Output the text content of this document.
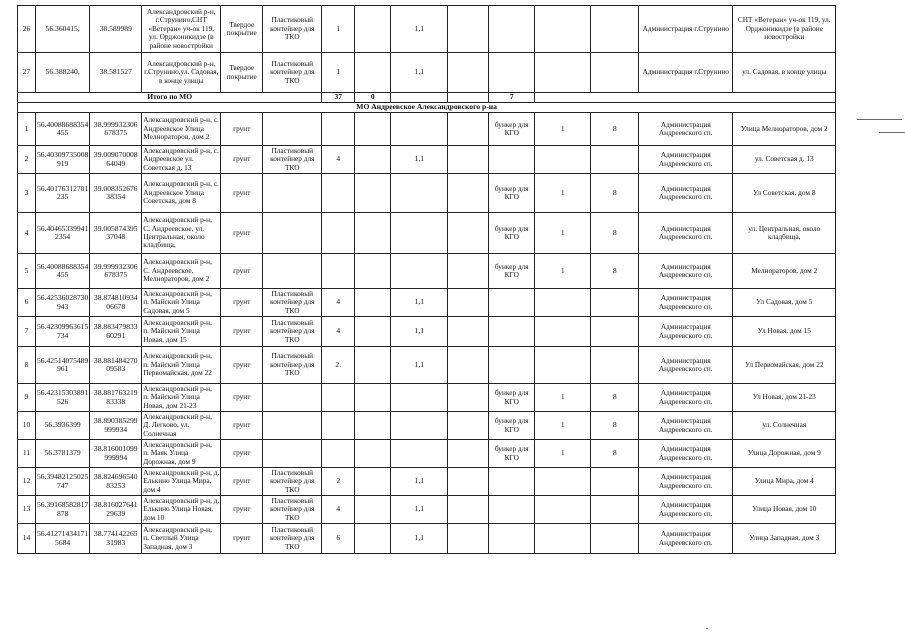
26	56.360415,	38.589989	Александровский р-н, г.Струнино,СНТ «Ветеран» уч-ок 119, ул. Орджоникидзе (в районе новостройки	Твердое покрытие	Пластиковый контейнер для ТКО	1		1,1					Администрация г.Струнино	СНТ «Ветеран» уч-ок 119, ул. Орджоникидзе (в районе новостройки
27	56.388240,	38.581527	Александровский р-н, г.Струнино,ул. Садовая, в конце улицы	Твердое покрытие	Пластиковый контейнер для ТКО	1		1,1					Администрация г.Струнино	ул. Садовая, в конце улицы
Итого по МО						37	0			7				
МО Андреевское Александровского р-на														
1	56.40088688354 455	38.999932306 678375	Александровский р-н, с. Андреевское Улица Мелнораторов, дом 2	грунт						бункер для КГО	1	8	Администрация Андреевского сп.	Улица Мелнораторов, дом 2
2	56.40309735008 919	39.009070008 64049	Александровский р-н, с. Андреевское ул. Советская д. 13	грунт	Пластиковый контейнер для ТКО	4		1,1					Администрация Андреевского сп.	ул. Советская д. 13
3	56.40176312701 235	39.008352676 38354	Александровский р-н, с. Андреевское Улица Советская, дом 8	грунт						бункер для КГО	1	8	Администрация Андреевского сп.	Ул Советская, дом 8
4	56.40465339941 2354	39.005874395 37048	Александровский р-н, С. Андреевское, ул. Центральная, около кладбища,	грунт						бункер для КГО	1	8	Администрация Андреевского сп.	ул. Центральная, около кладбища,
5	56.40088688354 455	39.999932306 678375	Александровский р-н, С. Андреевское, Мелнораторов, дом 2	грунт						бункер для КГО	1	8	Администрация Андреевского сп.	Мелнораторов, дом 2
6	56.42536028730 943	38.874810934 06678	Александровский р-н, п. Майский Улица Садовая, дом 5	грунт	Пластиковый контейнер для ТКО	4		1,1					Администрация Андреевского сп.	Ул Садовая, дом 5
7	56.42309963615 734	38.883479833 60291	Александровский р-н, п. Майский Улица Новая, дом 15	грунт	Пластиковый контейнер для ТКО	4		1,1					Администрация Андреевского сп.	Ул Новая, дом 15
8	56.42514075489 961	38.881484270 09583	Александровский р-н, п. Майский Улица Первомайская, дом 22	грунт	Пластиковый контейнер для ТКО	2.		1,1					Администрация Андреевского сп.	Ул Первомайская, дом 22
9	56.42315303891 526	38.881763219 83338	Александровский р-н, п. Майский Улица Новая, дом 21-23	грунт						бункер для КГО	1	8	Администрация Андреевского сп.	Ул Новая, дом 21-23
10	56.3936399	38.890385299 999934	Александровский р-н, Д. Легково, ул. Солнечная	грунт						бункер для КГО	1	8	Администрация Андреевского сп.	ул. Солнечная
11	56.3781379	38.816001099 999994	Александровский р-н, п. Маяк Улица Дорожная, дом 9	грунт						бункер для КГО	1	8	Администрация Андреевского сп.	Улица Дорожная, дом 9
12	56.39482125025 747	38.824696540 83253	Александровский р-н, д. Елькино Улица Мира, дом 4	грунт	Пластиковый контейнер для ТКО	2		1,1					Администрация Андреевского сп.	Улица Мира, дом 4
13	56.39168582817 878	38.816027641 29639	Александровский р-н, д. Елькино Улица Новая, дом 10	грунт	Пластиковый контейнер для ТКО	4		1,1					Администрация Андреевского сп.	Улица Новая, дом 10
14	56.41271434171 5684	38.774142265 31983	Александровский р-н, п. Светлый Улица Западная, дом 3	грунт	Пластиковый контейнер для ТКО	6		1,1					Администрация Андреевского сп.	Улица Западная, дом 3
